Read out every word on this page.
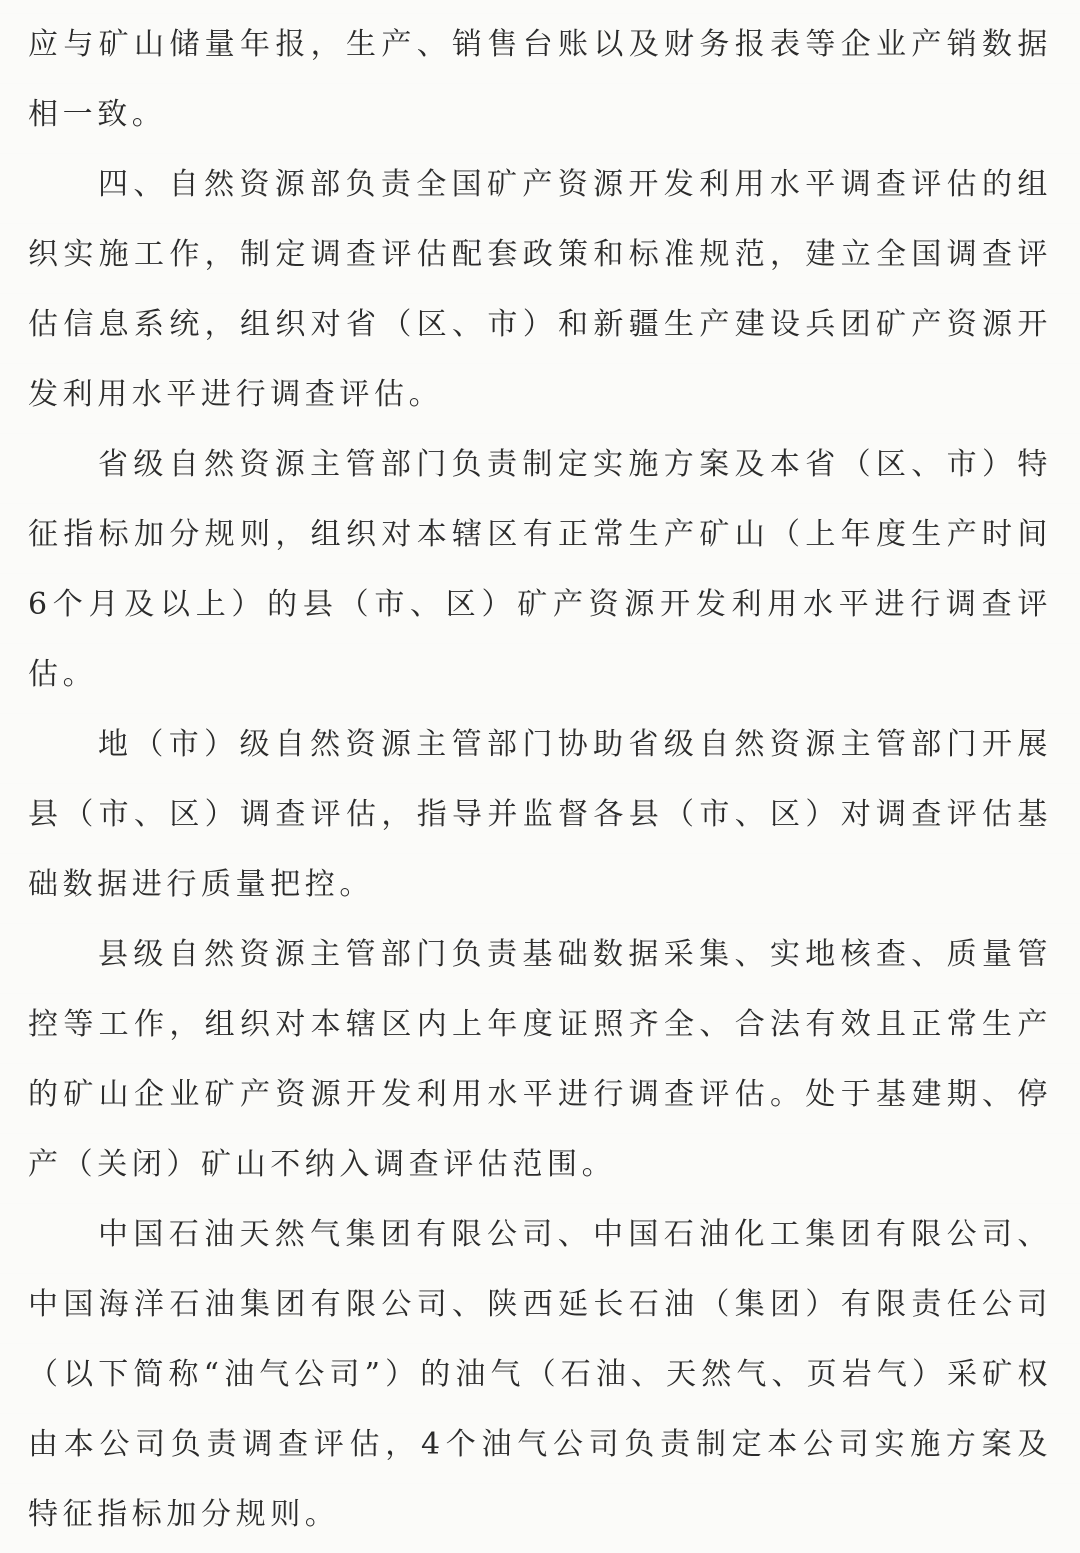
应与矿山储量年报，生产、销售台账以及财务报表等企业产销数据相一致。

四、自然资源部负责全国矿产资源开发利用水平调查评估的组织实施工作，制定调查评估配套政策和标准规范，建立全国调查评估信息系统，组织对省（区、市）和新疆生产建设兵团矿产资源开发利用水平进行调查评估。

省级自然资源主管部门负责制定实施方案及本省（区、市）特征指标加分规则，组织对本辖区有正常生产矿山（上年度生产时间6个月及以上）的县（市、区）矿产资源开发利用水平进行调查评估。

地（市）级自然资源主管部门协助省级自然资源主管部门开展县（市、区）调查评估，指导并监督各县（市、区）对调查评估基础数据进行质量把控。

县级自然资源主管部门负责基础数据采集、实地核查、质量管控等工作，组织对本辖区内上年度证照齐全、合法有效且正常生产的矿山企业矿产资源开发利用水平进行调查评估。处于基建期、停产（关闭）矿山不纳入调查评估范围。

中国石油天然气集团有限公司、中国石油化工集团有限公司、中国海洋石油集团有限公司、陕西延长石油（集团）有限责任公司（以下简称“油气公司”）的油气（石油、天然气、页岩气）采矿权由本公司负责调查评估，4个油气公司负责制定本公司实施方案及特征指标加分规则。
